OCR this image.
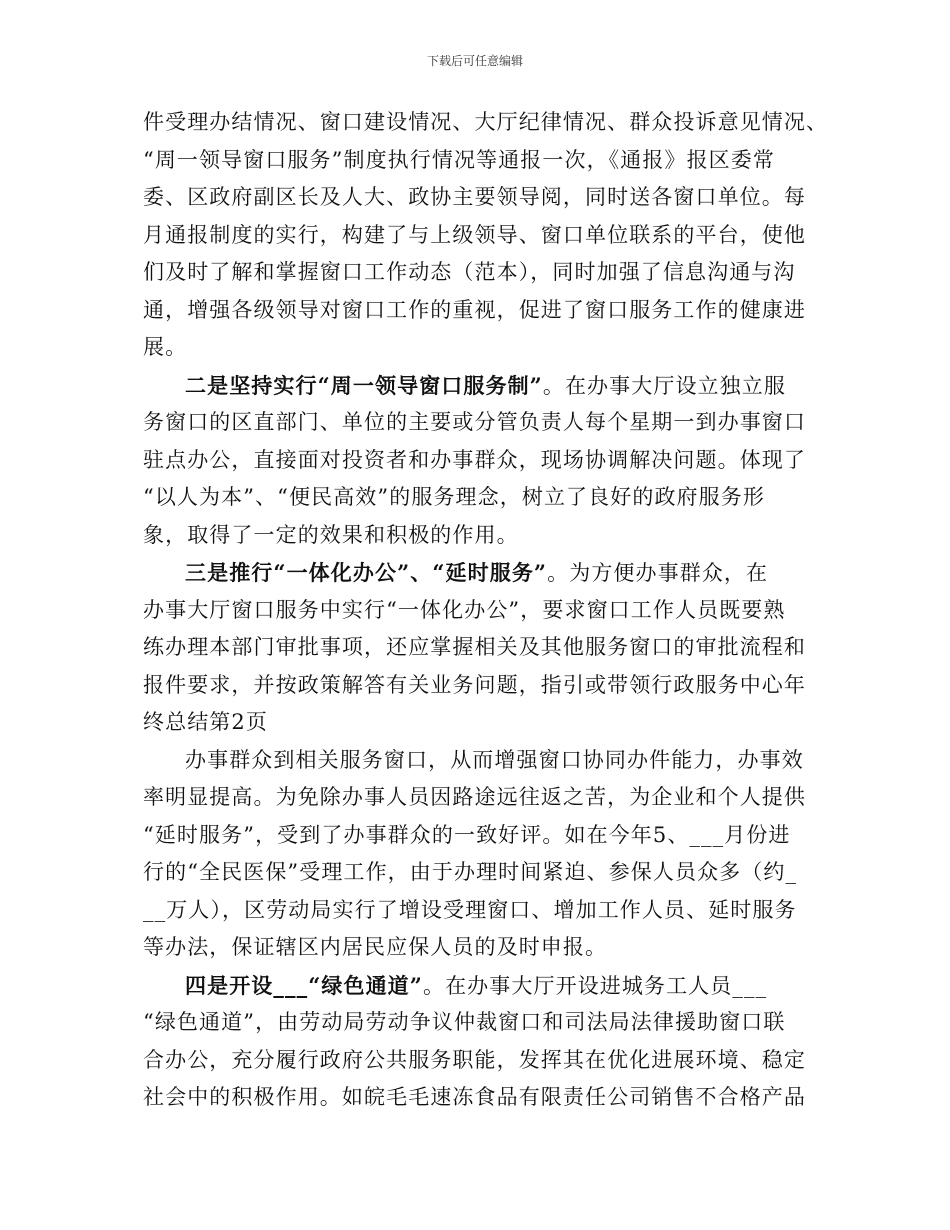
下载后可任意编辑
件受理办结情况、窗口建设情况、大厅纪律情况、群众投诉意见情况、
“周一领导窗口服务”制度执行情况等通报一次，《通报》报区委常
委、区政府副区长及人大、政协主要领导阅，同时送各窗口单位。每
月通报制度的实行，构建了与上级领导、窗口单位联系的平台，使他
们及时了解和掌握窗口工作动态（范本），同时加强了信息沟通与沟
通，增强各级领导对窗口工作的重视，促进了窗口服务工作的健康进
展。
二是坚持实行“周一领导窗口服务制”。在办事大厅设立独立服
务窗口的区直部门、单位的主要或分管负责人每个星期一到办事窗口
驻点办公，直接面对投资者和办事群众，现场协调解决问题。体现了
“以人为本”、“便民高效”的服务理念，树立了良好的政府服务形
象，取得了一定的效果和积极的作用。
三是推行“一体化办公”、“延时服务”。为方便办事群众，在
办事大厅窗口服务中实行“一体化办公”，要求窗口工作人员既要熟
练办理本部门审批事项，还应掌握相关及其他服务窗口的审批流程和
报件要求，并按政策解答有关业务问题，指引或带领行政服务中心年
终总结第2页
办事群众到相关服务窗口，从而增强窗口协同办件能力，办事效
率明显提高。为免除办事人员因路途远往返之苦，为企业和个人提供
“延时服务”，受到了办事群众的一致好评。如在今年5、___月份进
行的“全民医保”受理工作，由于办理时间紧迫、参保人员众多（约_
__万人），区劳动局实行了增设受理窗口、增加工作人员、延时服务
等办法，保证辖区内居民应保人员的及时申报。
四是开设___“绿色通道”。在办事大厅开设进城务工人员___
“绿色通道”，由劳动局劳动争议仲裁窗口和司法局法律援助窗口联
合办公，充分履行政府公共服务职能，发挥其在优化进展环境、稳定
社会中的积极作用。如皖毛毛速冻食品有限责任公司销售不合格产品
